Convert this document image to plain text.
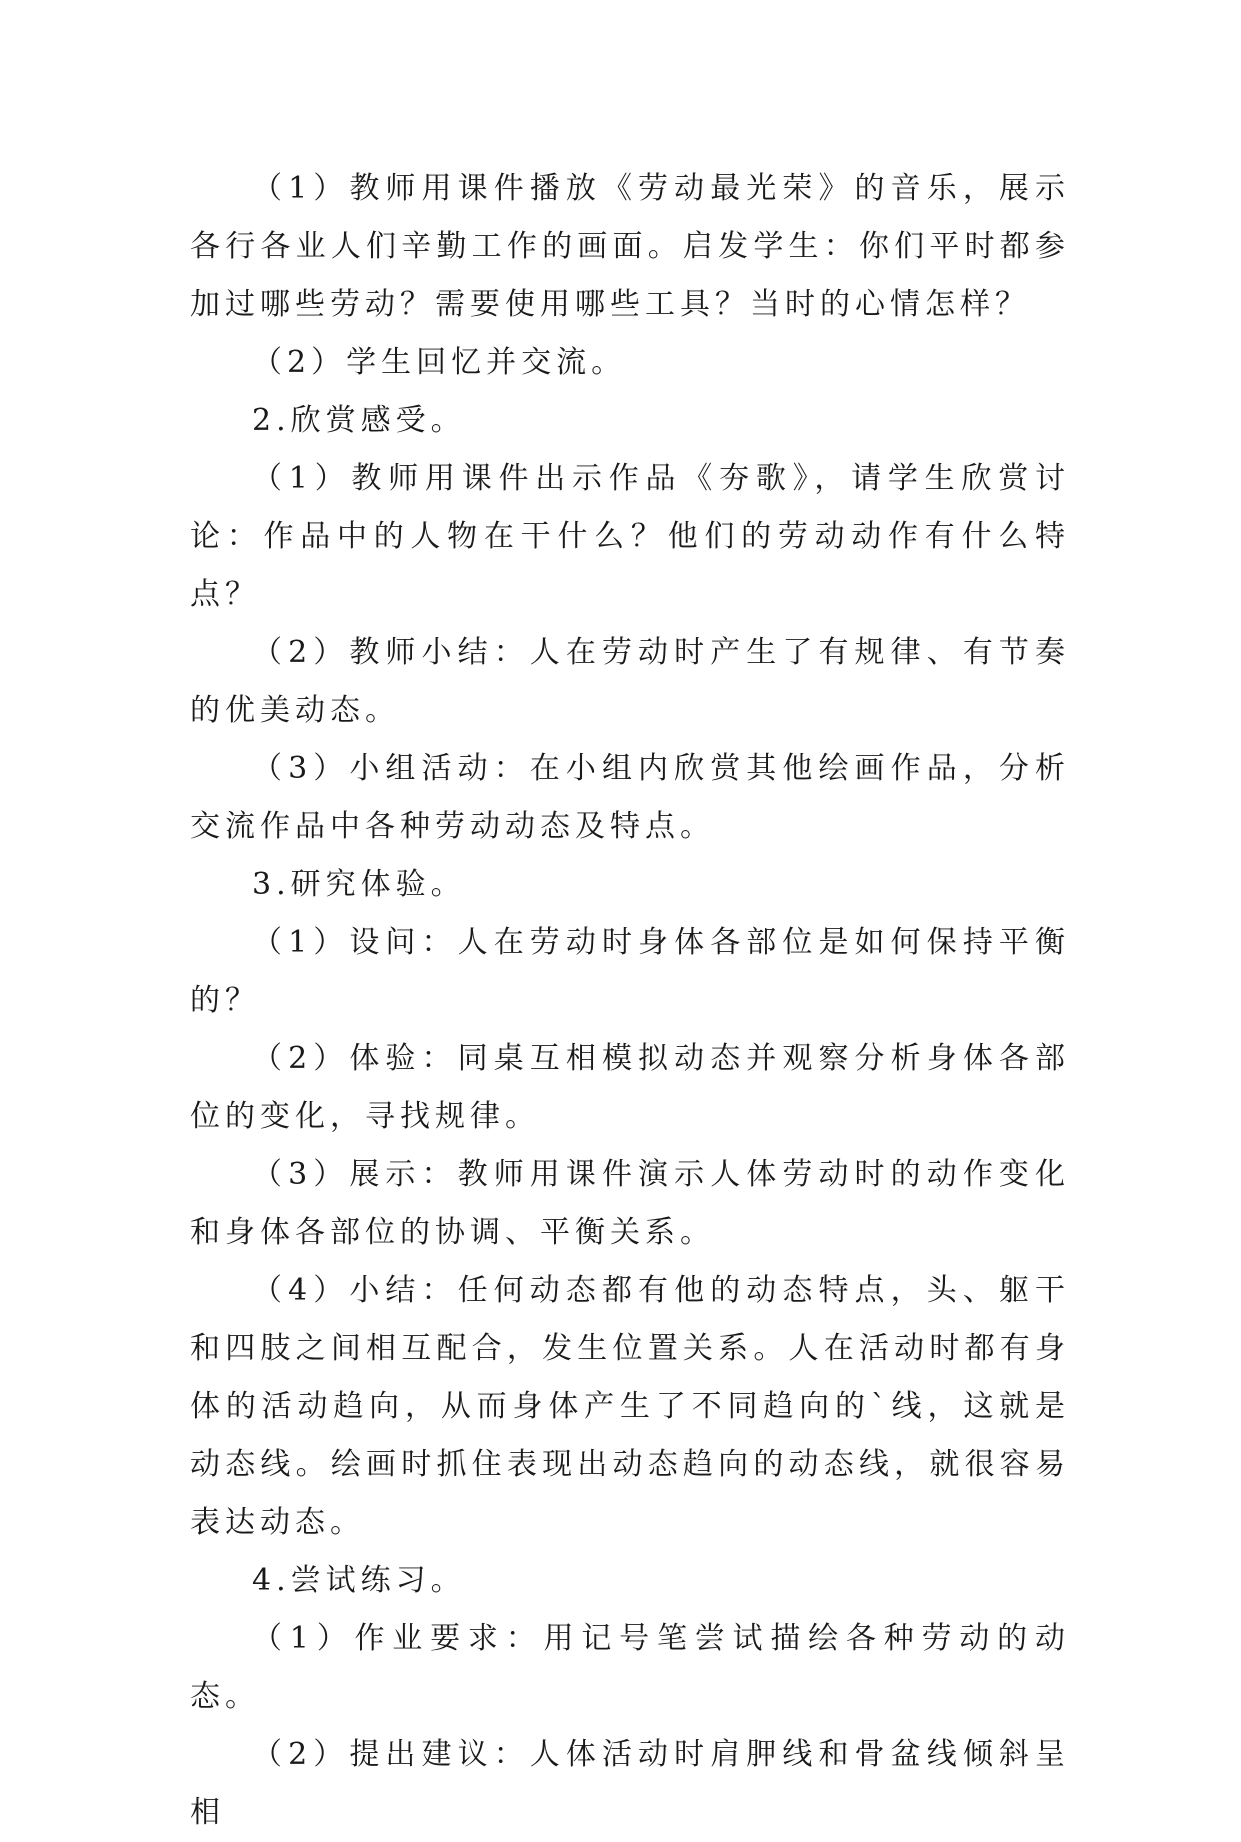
（1）教师用课件播放《劳动最光荣》的音乐，展示各行各业人们辛勤工作的画面。启发学生：你们平时都参加过哪些劳动？需要使用哪些工具？当时的心情怎样？

（2）学生回忆并交流。

2.欣赏感受。

（1）教师用课件出示作品《夯歌》，请学生欣赏讨论：作品中的人物在干什么？他们的劳动动作有什么特点？

（2）教师小结：人在劳动时产生了有规律、有节奏的优美动态。

（3）小组活动：在小组内欣赏其他绘画作品，分析交流作品中各种劳动动态及特点。

3.研究体验。

（1）设问：人在劳动时身体各部位是如何保持平衡的？

（2）体验：同桌互相模拟动态并观察分析身体各部位的变化，寻找规律。

（3）展示：教师用课件演示人体劳动时的动作变化和身体各部位的协调、平衡关系。

（4）小结：任何动态都有他的动态特点，头、躯干和四肢之间相互配合，发生位置关系。人在活动时都有身体的活动趋向，从而身体产生了不同趋向的`线，这就是动态线。绘画时抓住表现出动态趋向的动态线，就很容易表达动态。

4.尝试练习。

（1）作业要求：用记号笔尝试描绘各种劳动的动态。

（2）提出建议：人体活动时肩胛线和骨盆线倾斜呈相
